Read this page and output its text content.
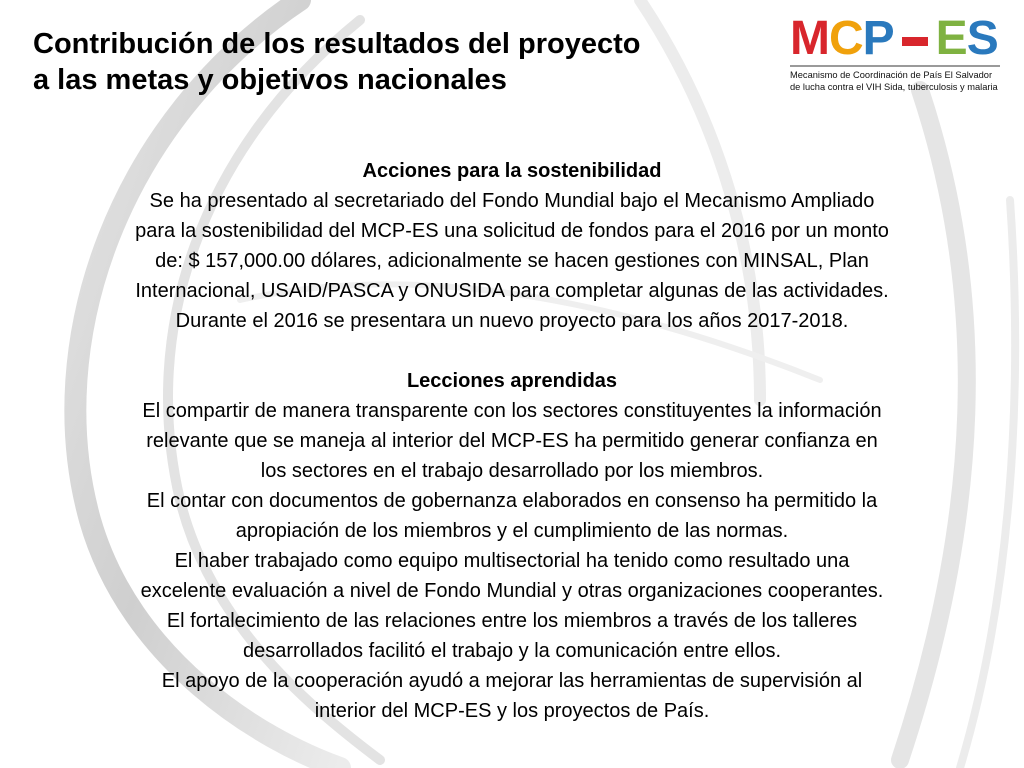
Contribución de los resultados del proyecto
a las metas y objetivos nacionales
M C P E S
Mecanismo de Coordinación de País El Salvador
de lucha contra el VIH Sida, tuberculosis y malaria
Acciones para la sostenibilidad
Se ha presentado al secretariado del Fondo Mundial bajo el Mecanismo Ampliado
para la sostenibilidad del MCP-ES una solicitud de fondos para el 2016 por un monto
de: $ 157,000.00 dólares, adicionalmente se hacen gestiones con MINSAL, Plan
Internacional, USAID/PASCA y ONUSIDA para completar algunas de las actividades.
Durante el 2016 se presentara un nuevo proyecto para los años 2017-2018.
Lecciones aprendidas
El compartir de manera transparente con los sectores constituyentes la información
relevante que se maneja al interior del MCP-ES ha permitido generar confianza en
los sectores en el trabajo desarrollado por los miembros.
El contar con documentos de gobernanza elaborados en consenso ha permitido la
apropiación de los miembros y el cumplimiento de las normas.
El haber trabajado como equipo multisectorial ha tenido como resultado una
excelente evaluación a nivel de Fondo Mundial y otras organizaciones cooperantes.
El fortalecimiento de las relaciones entre los miembros a través de los talleres
desarrollados facilitó el trabajo y la comunicación entre ellos.
El apoyo de la cooperación ayudó a mejorar las herramientas de supervisión al
interior del MCP-ES y los proyectos de País.
